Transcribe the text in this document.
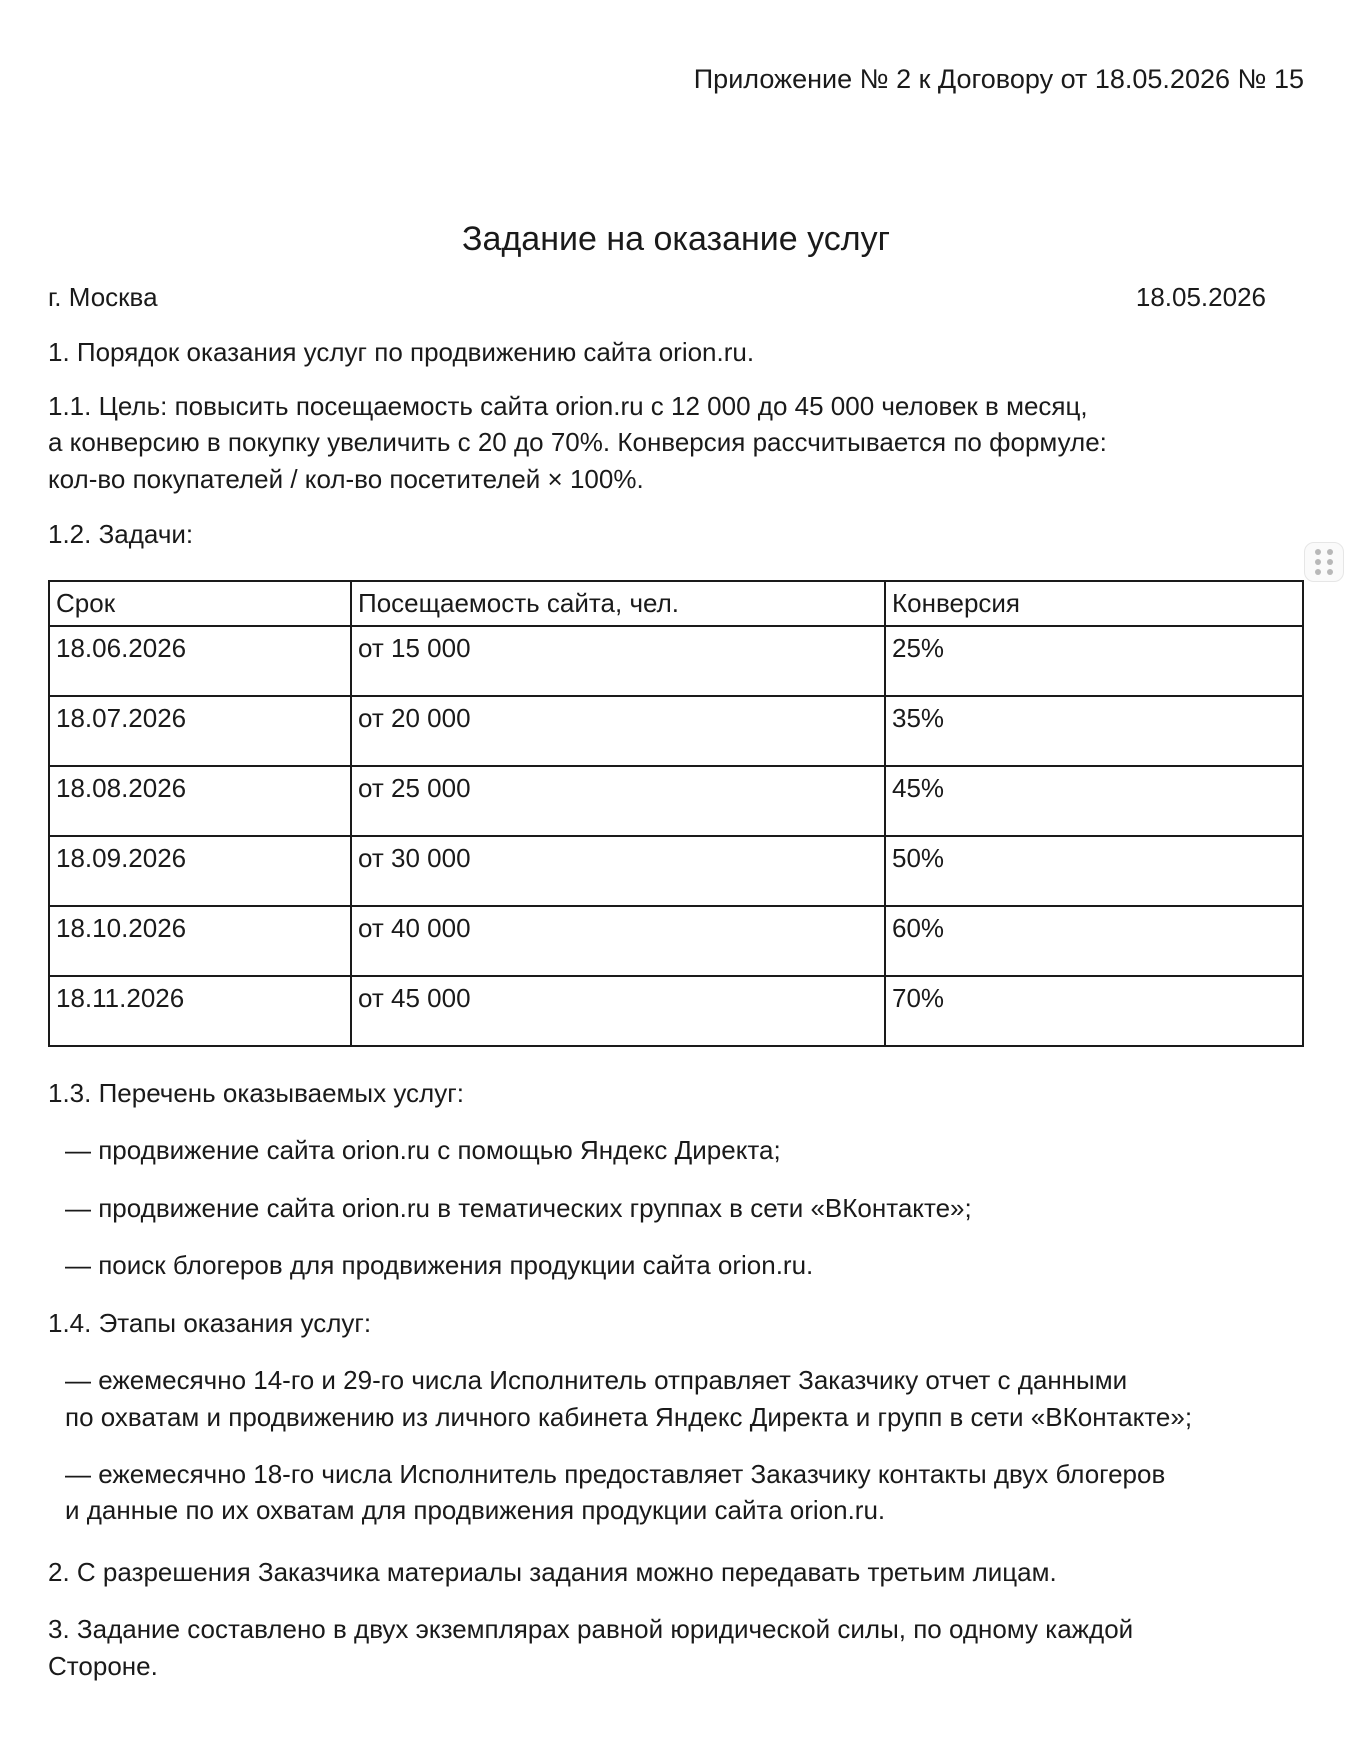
Приложение № 2 к Договору от 18.05.2026 № 15
Задание на оказание услуг
г. Москва	18.05.2026
1. Порядок оказания услуг по продвижению сайта orion.ru.
1.1. Цель: повысить посещаемость сайта orion.ru с 12 000 до 45 000 человек в месяц,
а конверсию в покупку увеличить с 20 до 70%. Конверсия рассчитывается по формуле:
кол-во покупателей / кол-во посетителей × 100%.
1.2. Задачи:
Срок	Посещаемость сайта, чел.	Конверсия
18.06.2026	от 15 000	25%
18.07.2026	от 20 000	35%
18.08.2026	от 25 000	45%
18.09.2026	от 30 000	50%
18.10.2026	от 40 000	60%
18.11.2026	от 45 000	70%
1.3. Перечень оказываемых услуг:
— продвижение сайта orion.ru с помощью Яндекс Директа;
— продвижение сайта orion.ru в тематических группах в сети «ВКонтакте»;
— поиск блогеров для продвижения продукции сайта orion.ru.
1.4. Этапы оказания услуг:
— ежемесячно 14-го и 29-го числа Исполнитель отправляет Заказчику отчет с данными
по охватам и продвижению из личного кабинета Яндекс Директа и групп в сети «ВКонтакте»;
— ежемесячно 18-го числа Исполнитель предоставляет Заказчику контакты двух блогеров
и данные по их охватам для продвижения продукции сайта orion.ru.
2. С разрешения Заказчика материалы задания можно передавать третьим лицам.
3. Задание составлено в двух экземплярах равной юридической силы, по одному каждой
Стороне.
